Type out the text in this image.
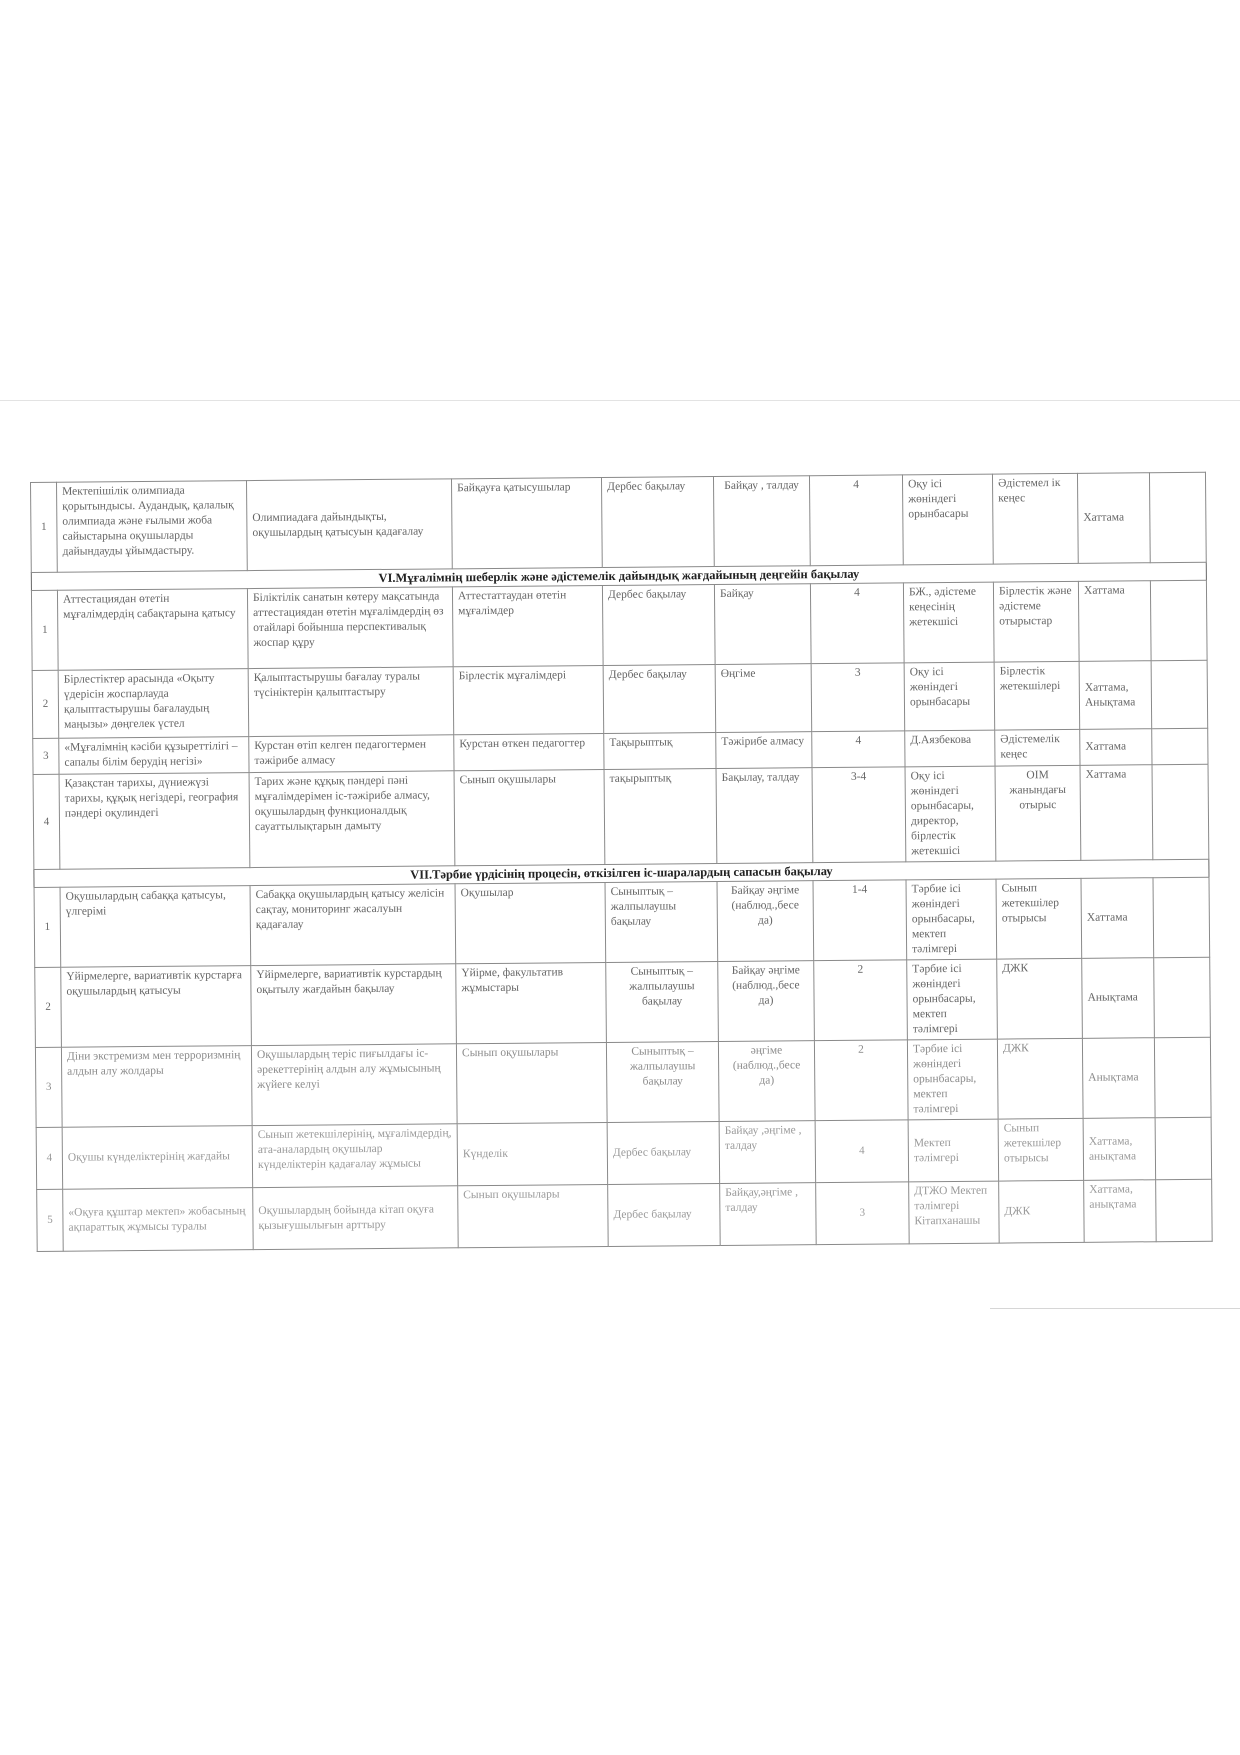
1	Мектепішілік олимпиада қорытындысы. Аудандық, қалалық олимпиада және ғылыми жоба сайыстарына оқушыларды дайындауды ұйымдастыру.	Олимпиадаға дайындықты, оқушылардың қатысуын қадағалау	Байқауға қатысушылар	Дербес бақылау	Байқау , талдау	4	Оқу ісі жөніндегі орынбасары	Әдістемел ік кеңес	Хаттама	
VI.Мұғалімнің шеберлік және әдістемелік дайындық жағдайының деңгейін бақылау										
1	Аттестациядан өтетін мұғалімдердің сабақтарына қатысу	Біліктілік санатын көтеру мақсатында аттестациядан өтетін мұғалімдердің өз отайларі бойынша перспективалық жоспар құру	Аттестаттаудан өтетін мұғалімдер	Дербес бақылау	Байқау	4	БЖ., әдістеме кеңесінің жетекшісі	Бірлестік және әдістеме отырыстар	Хаттама	
2	Бірлестіктер арасында «Оқыту үдерісін жоспарлауда қалыптастырушы бағалаудың маңызы» дөңгелек үстел	Қалыптастырушы бағалау туралы түсініктерін қалыптастыру	Бірлестік мұғалімдері	Дербес бақылау	Өңгіме	3	Оқу ісі жөніндегі орынбасары	Бірлестік жетекшілері	Хаттама, Анықтама	
3	«Мұғалімнің кәсіби құзыреттілігі – сапалы білім берудің негізі»	Курстан өтіп келген педагогтермен тәжірибе алмасу	Курстан өткен педагогтер	Тақырыптық	Тәжірибе алмасу	4	Д.Аязбекова	Әдістемелік кеңес	Хаттама	
4	Қазақстан тарихы, дүниежүзі тарихы, құқық негіздері, география пәндері оқулиндегі	Тарих және құқық пәндері пәні мұғалімдерімен іс-тәжірибе алмасу, оқушылардың функционалдық сауаттылықтарын дамыту	Сынып оқушылары	тақырыптық	Бақылау, талдау	3-4	Оқу ісі жөніндегі орынбасары, директор, бірлестік жетекшісі	ОІМ жанындағы отырыс	Хаттама	
VII.Тәрбие үрдісінің процесін, өткізілген іс-шаралардың сапасын бақылау										
1	Оқушылардың сабаққа қатысуы, үлгерімі	Сабаққа оқушылардың қатысу желісін сақтау, мониторинг жасалуын қадағалау	Оқушылар	Сыныптық – жалпылаушы бақылау	Байқау әңгіме (наблюд.,бесе да)	1-4	Тәрбие ісі жөніндегі орынбасары, мектеп тәлімгері	Сынып жетекшілер отырысы	Хаттама	
2	Үйірмелерге, вариативтік курстарға оқушылардың қатысуы	Үйірмелерге, вариативтік курстардың оқытылу жағдайын бақылау	Үйірме, факультатив жұмыстары	Сыныптық – жалпылаушы бақылау	Байқау әңгіме (наблюд.,бесе да)	2	Тәрбие ісі жөніндегі орынбасары, мектеп тәлімгері	ДЖК	Анықтама	
3	Діни экстремизм мен терроризмнің алдын алу жолдары	Оқушылардың теріс пиғылдағы іс-әрекеттерінің алдын алу жұмысының жүйеге келуі	Сынып оқушылары	Сыныптық – жалпылаушы бақылау	әңгіме (наблюд.,бесе да)	2	Тәрбие ісі жөніндегі орынбасары, мектеп тәлімгері	ДЖК	Анықтама	
4	Оқушы күнделіктерінің жағдайы	Сынып жетекшілерінің, мұғалімдердің, ата-аналардың оқушылар күнделіктерін қадағалау жұмысы	Күнделік	Дербес бақылау	Байқау ,әңгіме , талдау	4	Мектеп тәлімгері	Сынып жетекшілер отырысы	Хаттама, анықтама	
5	«Оқуға құштар мектеп» жобасының ақпараттық жұмысы туралы	Оқушылардың бойында кітап оқуға қызығушылығын арттыру	Сынып оқушылары	Дербес бақылау	Байқау,әңгіме , талдау	3	ДТЖО Мектеп тәлімгері Кітапханашы	ДЖК	Хаттама, анықтама	
